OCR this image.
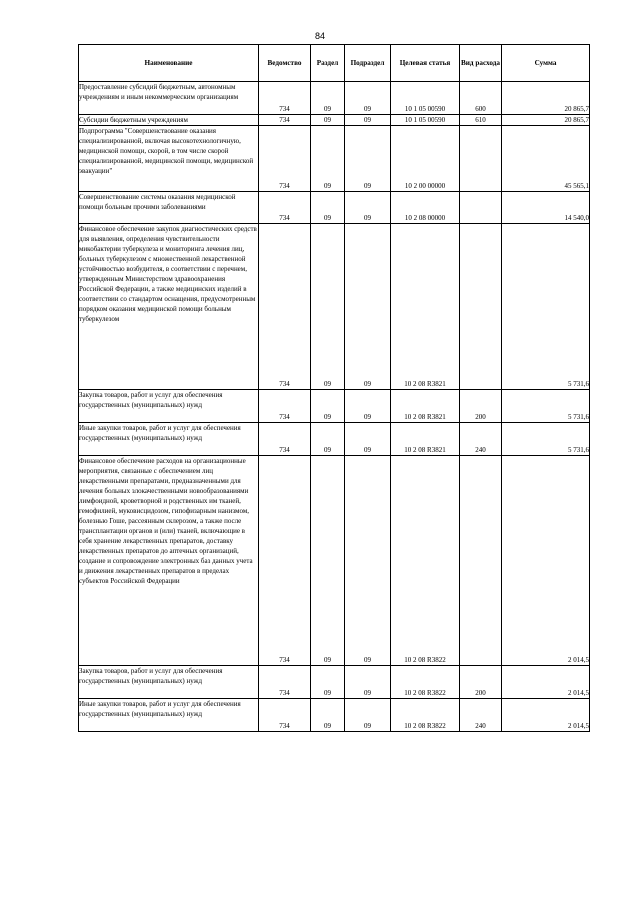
84
Наименование	Ведомство	Раздел	Подраздел	Целевая статья	Вид расхода	Сумма
Предоставление субсидий бюджетным, автономным учреждениям и иным некоммерческим организациям	734	09	09	10 1 05 00590	600	20 865,7
Субсидии бюджетным учреждениям	734	09	09	10 1 05 00590	610	20 865,7
Подпрограмма "Совершенствование оказания специализированной, включая высокотехнологичную, медицинской помощи, скорой, в том числе скорой специализированной, медицинской помощи, медицинской эвакуации"	734	09	09	10 2 00 00000		45 565,1
Совершенствование системы оказания медицинской помощи больным прочими заболеваниями	734	09	09	10 2 08 00000		14 540,0
Финансовое обеспечение закупок диагностических средств для выявления, определения чувствительности микобактерии туберкулеза и мониторинга лечения лиц, больных туберкулезом с множественной лекарственной устойчивостью возбудителя, в соответствии с перечнем, утвержденным Министерством здравоохранения Российской Федерации, а также медицинских изделий в соответствии со стандартом оснащения, предусмотренным порядком оказания медицинской помощи больным туберкулезом	734	09	09	10 2 08 R3821		5 731,6
Закупка товаров, работ и услуг для обеспечения государственных (муниципальных) нужд	734	09	09	10 2 08 R3821	200	5 731,6
Иные закупки товаров, работ и услуг для обеспечения государственных (муниципальных) нужд	734	09	09	10 2 08 R3821	240	5 731,6
Финансовое обеспечение расходов на организационные мероприятия, связанные с обеспечением лиц лекарственными препаратами, предназначенными для лечения больных злокачественными новообразованиями лимфоидной, кроветворной и родственных им тканей, гемофилией, муковисцидозом, гипофизарным нанизмом, болезнью Гоше, рассеянным склерозом, а также после трансплантации органов и (или) тканей, включающие в себя хранение лекарственных препаратов, доставку лекарственных препаратов до аптечных организаций, создание и сопровождение электронных баз данных учета и движения лекарственных препаратов в пределах субъектов Российской Федерации	734	09	09	10 2 08 R3822		2 014,5
Закупка товаров, работ и услуг для обеспечения государственных (муниципальных) нужд	734	09	09	10 2 08 R3822	200	2 014,5
Иные закупки товаров, работ и услуг для обеспечения государственных (муниципальных) нужд	734	09	09	10 2 08 R3822	240	2 014,5
